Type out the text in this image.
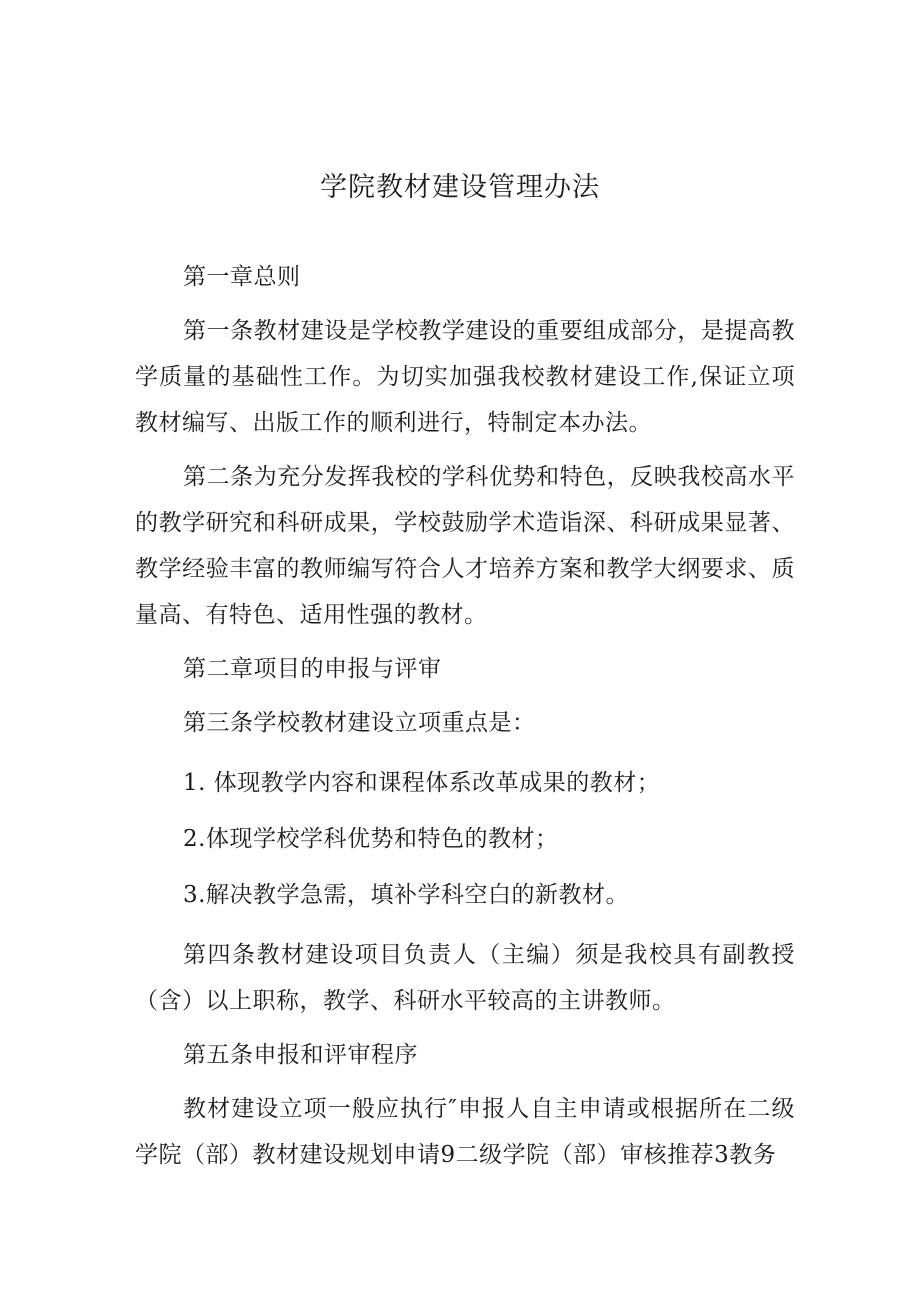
学院教材建设管理办法

第一章总则

第一条教材建设是学校教学建设的重要组成部分，是提高教学质量的基础性工作。为切实加强我校教材建设工作,保证立项教材编写、出版工作的顺利进行，特制定本办法。

第二条为充分发挥我校的学科优势和特色，反映我校高水平的教学研究和科研成果，学校鼓励学术造诣深、科研成果显著、教学经验丰富的教师编写符合人才培养方案和教学大纲要求、质量高、有特色、适用性强的教材。

第二章项目的申报与评审

第三条学校教材建设立项重点是：

1. 体现教学内容和课程体系改革成果的教材；

2.体现学校学科优势和特色的教材；

3.解决教学急需，填补学科空白的新教材。

第四条教材建设项目负责人（主编）须是我校具有副教授（含）以上职称，教学、科研水平较高的主讲教师。

第五条申报和评审程序

教材建设立项一般应执行″申报人自主申请或根据所在二级学院（部）教材建设规划申请9二级学院（部）审核推荐3教务
